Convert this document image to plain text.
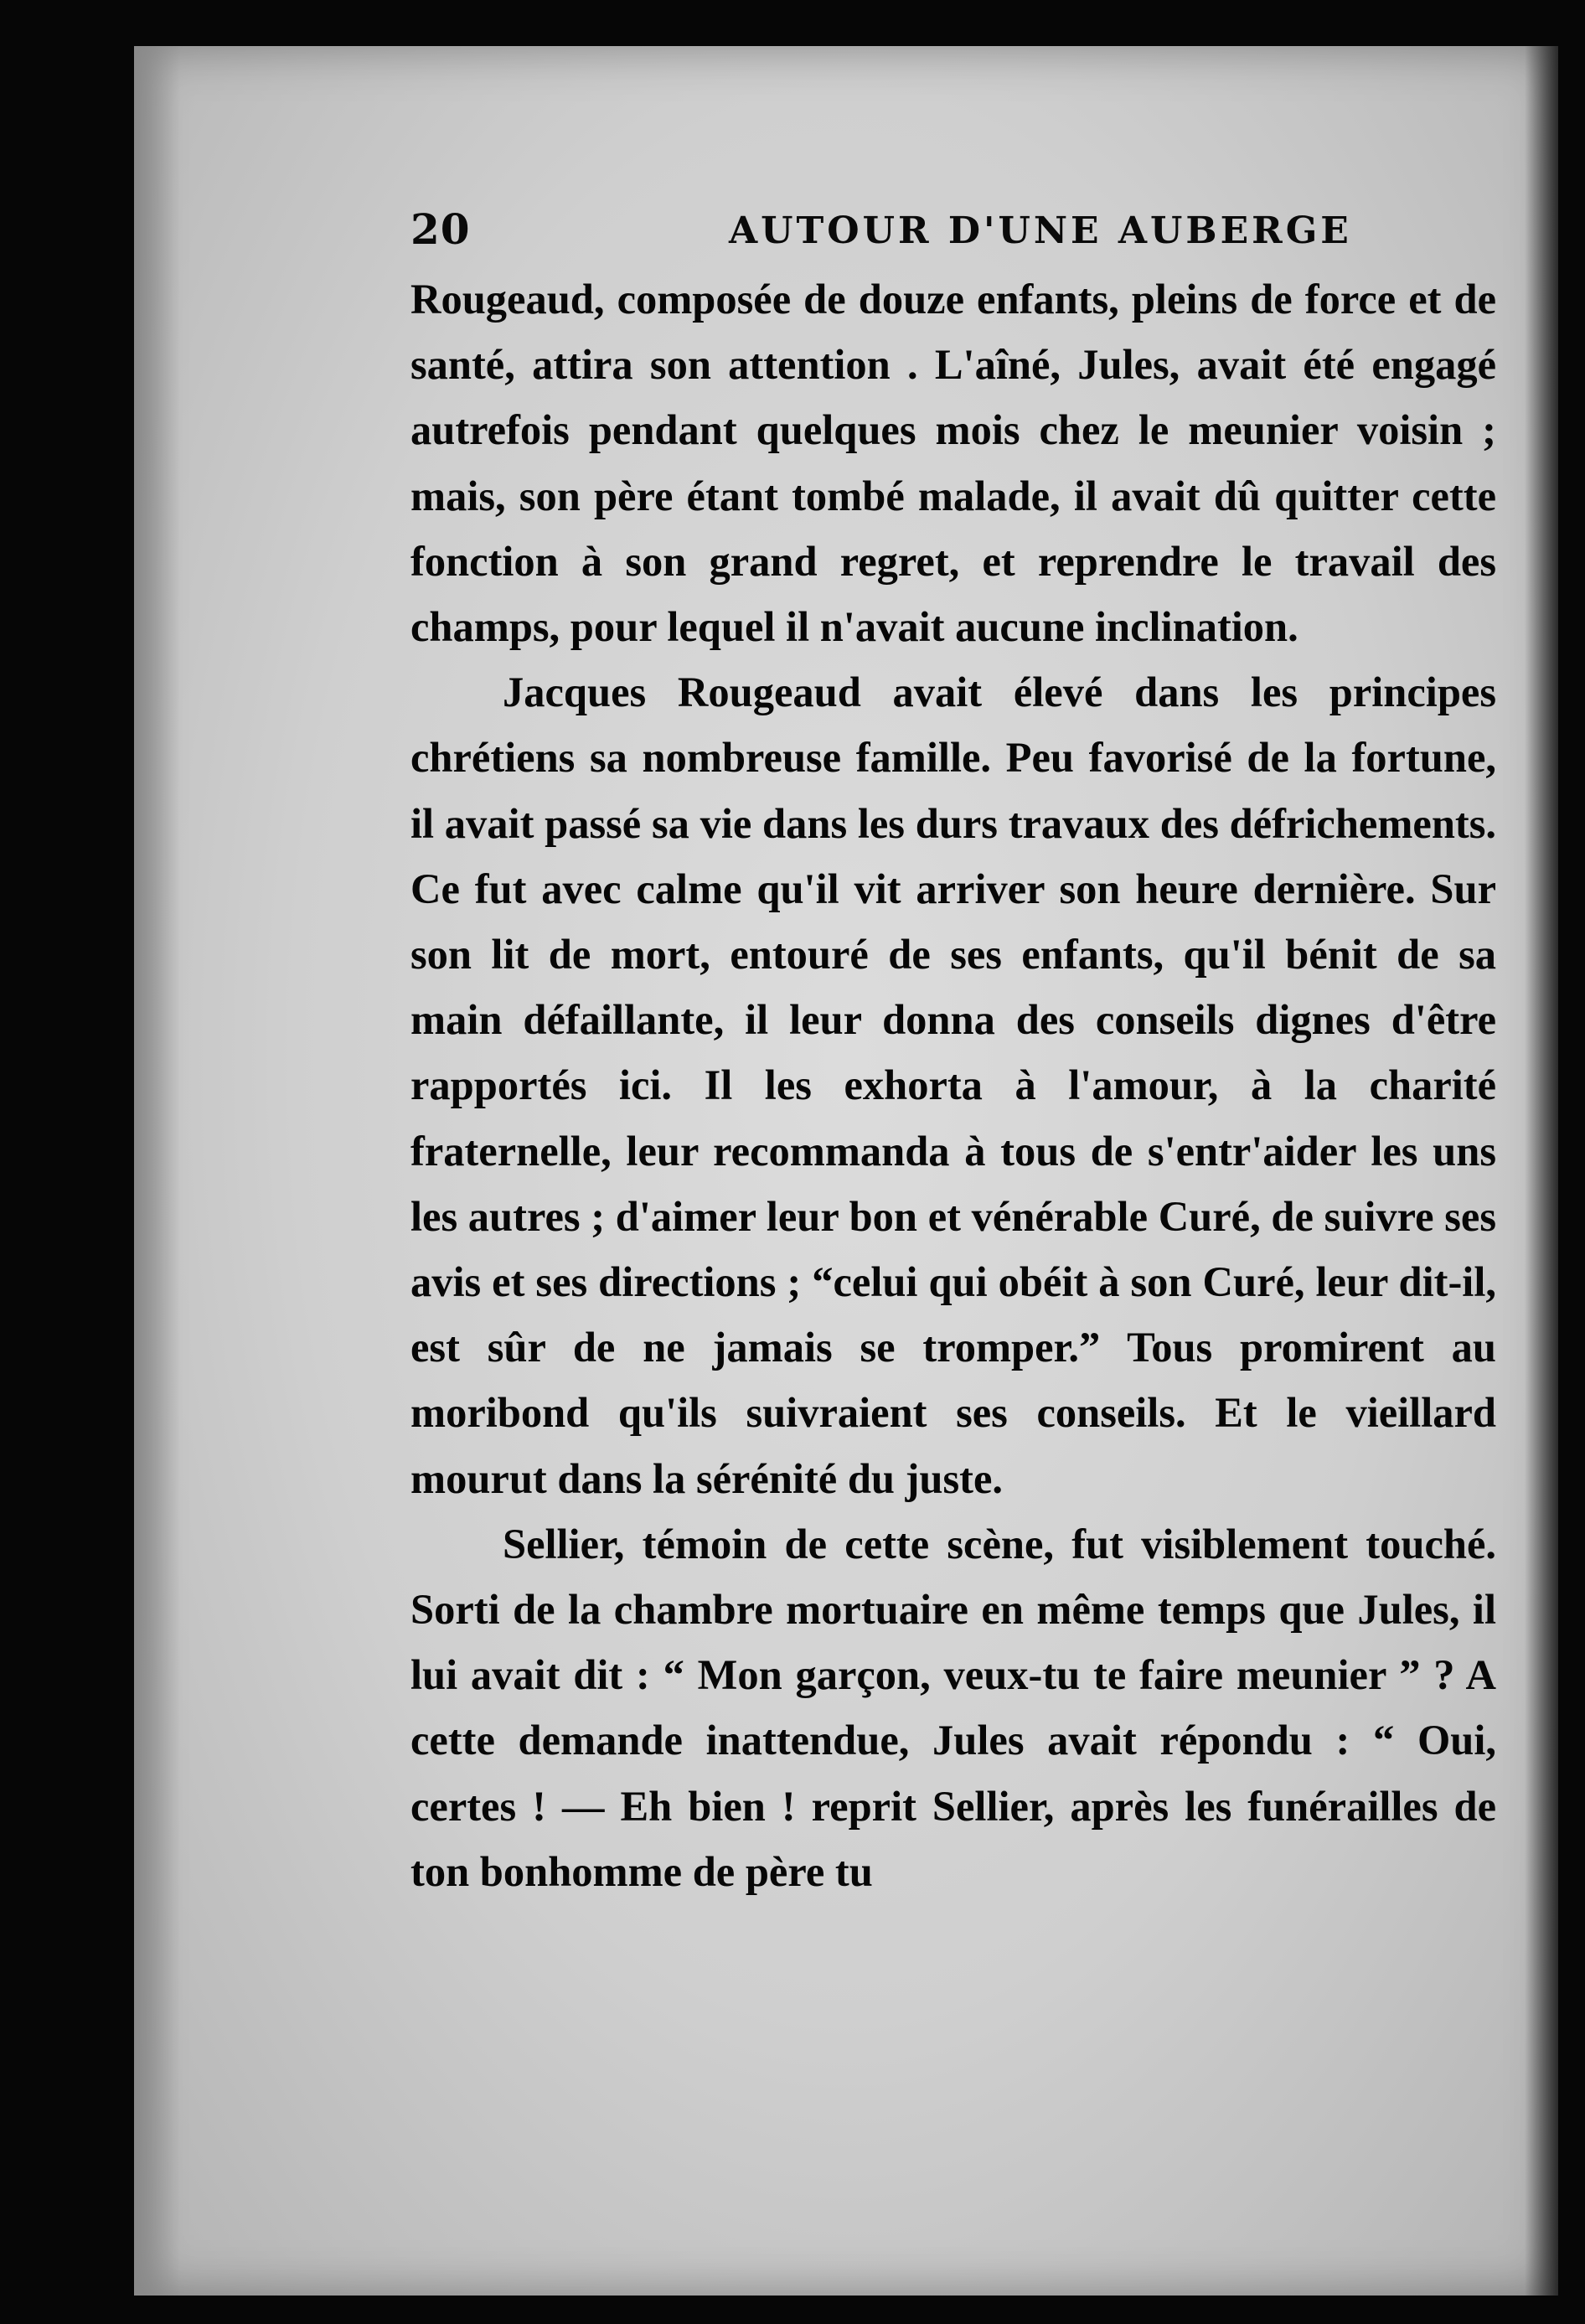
20	AUTOUR D'UNE AUBERGE

Rougeaud, composée de douze enfants, pleins de force et de santé, attira son attention . L'aîné, Jules, avait été engagé autrefois pendant quelques mois chez le meunier voisin ; mais, son père étant tombé malade, il avait dû quitter cette fonction à son grand regret, et reprendre le travail des champs, pour lequel il n'avait aucune inclination.

Jacques Rougeaud avait élevé dans les principes chrétiens sa nombreuse famille. Peu favorisé de la fortune, il avait passé sa vie dans les durs travaux des défrichements. Ce fut avec calme qu'il vit arriver son heure dernière. Sur son lit de mort, entouré de ses enfants, qu'il bénit de sa main défaillante, il leur donna des conseils dignes d'être rapportés ici. Il les exhorta à l'amour, à la charité fraternelle, leur recommanda à tous de s'entr'aider les uns les autres ; d'aimer leur bon et vénérable Curé, de suivre ses avis et ses directions ; “celui qui obéit à son Curé, leur dit-il, est sûr de ne jamais se tromper.” Tous promirent au moribond qu'ils suivraient ses conseils. Et le vieillard mourut dans la sérénité du juste.

Sellier, témoin de cette scène, fut visiblement touché. Sorti de la chambre mortuaire en même temps que Jules, il lui avait dit : “ Mon garçon, veux-tu te faire meunier ” ? A cette demande inattendue, Jules avait répondu : “ Oui, certes ! — Eh bien ! reprit Sellier, après les funérailles de ton bonhomme de père tu
